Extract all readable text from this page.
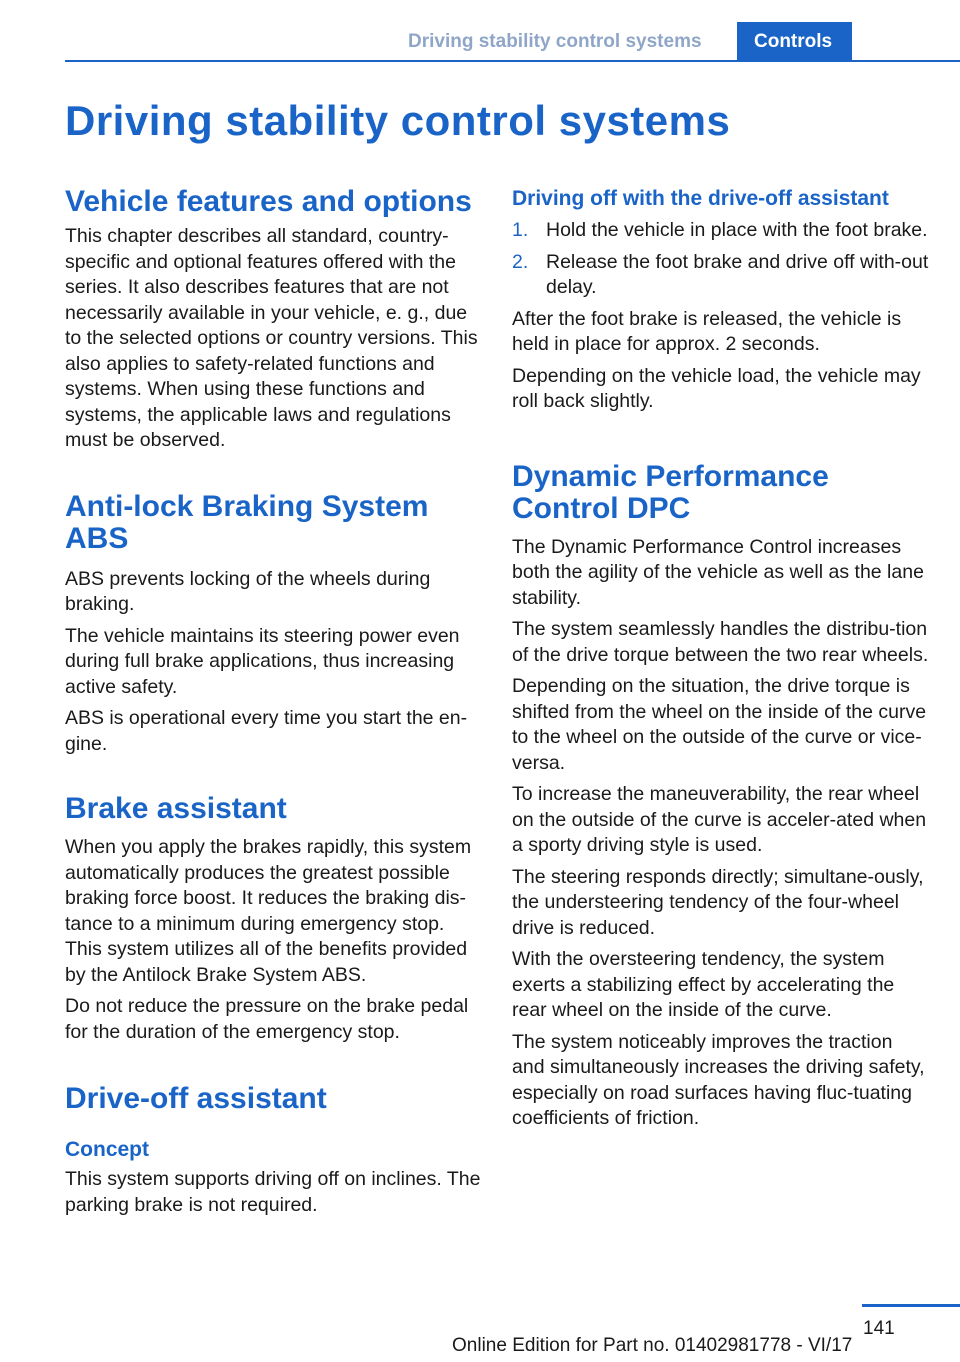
Driving stability control systems	Controls
Driving stability control systems
Vehicle features and options

This chapter describes all standard, country-specific and optional features offered with the series. It also describes features that are not necessarily available in your vehicle, e. g., due to the selected options or country versions. This also applies to safety-related functions and systems. When using these functions and systems, the applicable laws and regulations must be observed.

Anti-lock Braking System ABS

ABS prevents locking of the wheels during braking.

The vehicle maintains its steering power even during full brake applications, thus increasing active safety.

ABS is operational every time you start the en‐gine.

Brake assistant

When you apply the brakes rapidly, this system automatically produces the greatest possible braking force boost. It reduces the braking dis‐tance to a minimum during emergency stop. This system utilizes all of the benefits provided by the Antilock Brake System ABS.

Do not reduce the pressure on the brake pedal for the duration of the emergency stop.

Drive-off assistant
Concept

This system supports driving off on inclines. The parking brake is not required.

Driving off with the drive-off assistant
1. Hold the vehicle in place with the foot brake.
2. Release the foot brake and drive off with‐out delay.

After the foot brake is released, the vehicle is held in place for approx. 2 seconds.

Depending on the vehicle load, the vehicle may roll back slightly.

Dynamic Performance Control DPC

The Dynamic Performance Control increases both the agility of the vehicle as well as the lane stability.

The system seamlessly handles the distribu‐tion of the drive torque between the two rear wheels.

Depending on the situation, the drive torque is shifted from the wheel on the inside of the curve to the wheel on the outside of the curve or vice-versa.

To increase the maneuverability, the rear wheel on the outside of the curve is acceler‐ated when a sporty driving style is used.

The steering responds directly; simultane‐ously, the understeering tendency of the four-wheel drive is reduced.

With the oversteering tendency, the system exerts a stabilizing effect by accelerating the rear wheel on the inside of the curve.

The system noticeably improves the traction and simultaneously increases the driving safety, especially on road surfaces having fluc‐tuating coefficients of friction.

141
Online Edition for Part no. 01402981778 - VI/17
